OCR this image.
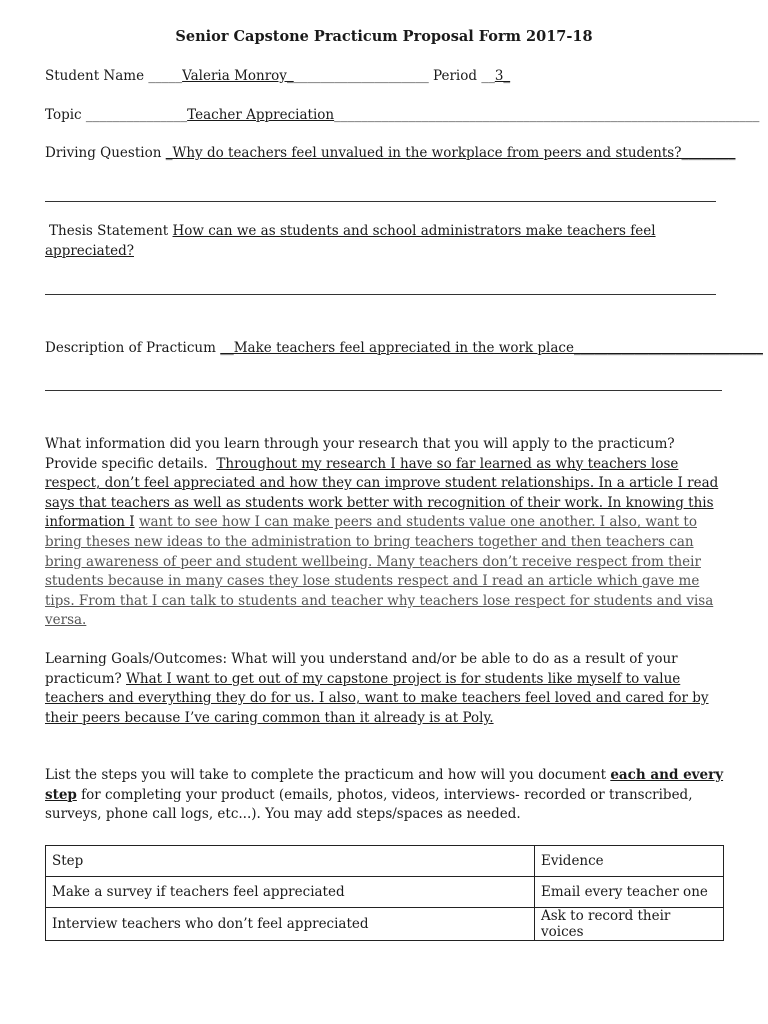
Senior Capstone Practicum Proposal Form 2017-18
Student Name _____Valeria Monroy_____________________ Period __3_
Topic _______________Teacher Appreciation_______________________________________________________________
Driving Question _Why do teachers feel unvalued in the workplace from peers and students?________
Thesis Statement How can we as students and school administrators make teachers feel
appreciated?
Description of Practicum __Make teachers feel appreciated in the work place____________________________
What information did you learn through your research that you will apply to the practicum? Provide specific details. Throughout my research I have so far learned as why teachers lose respect, don’t feel appreciated and how they can improve student relationships. In a article I read says that teachers as well as students work better with recognition of their work. In knowing this information I want to see how I can make peers and students value one another. I also, want to bring theses new ideas to the administration to bring teachers together and then teachers can bring awareness of peer and student wellbeing. Many teachers don’t receive respect from their students because in many cases they lose students respect and I read an article which gave me tips. From that I can talk to students and teacher why teachers lose respect for students and visa versa.
Learning Goals/Outcomes: What will you understand and/or be able to do as a result of your practicum? What I want to get out of my capstone project is for students like myself to value teachers and everything they do for us. I also, want to make teachers feel loved and cared for by their peers because I’ve caring common than it already is at Poly.
List the steps you will take to complete the practicum and how will you document each and every step for completing your product (emails, photos, videos, interviews- recorded or transcribed, surveys, phone call logs, etc...). You may add steps/spaces as needed.
Step	Evidence
Make a survey if teachers feel appreciated	Email every teacher one
Interview teachers who don’t feel appreciated	Ask to record their voices
